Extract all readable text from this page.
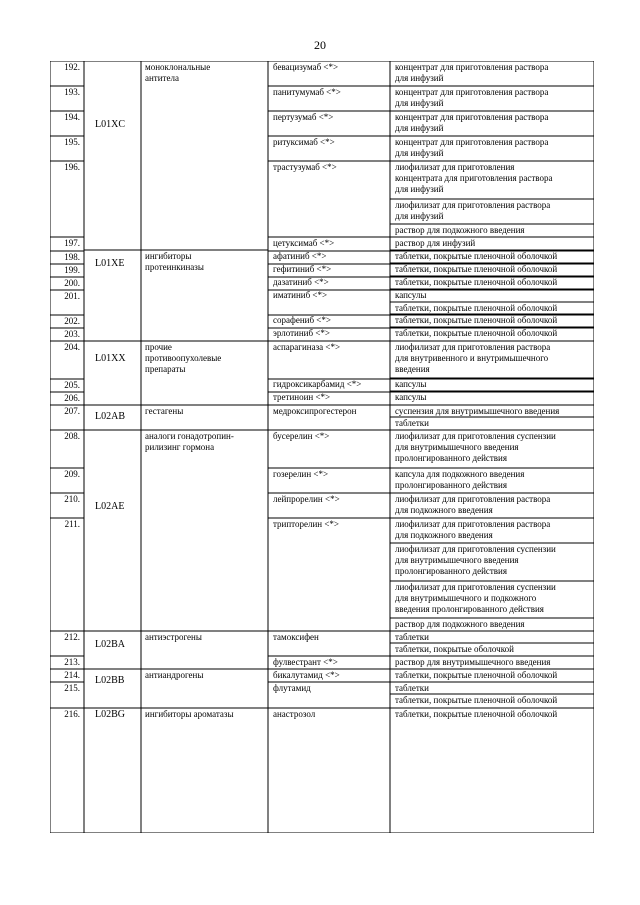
20
192.
193.
194.
195.
196.
197.
198.
199.
200.
201.
202.
203.
204.
205.
206.
207.
208.
209.
210.
211.
212.
213.
214.
215.
216.
L01XC
L01XE
L01XX
L02AB
L02AE
L02BA
L02BB
L02BG
моноклональные
антитела
ингибиторы
протеинкиназы
прочие
противоопухолевые
препараты
гестагены
аналоги гонадотропин-
рилизинг гормона
антиэстрогены
антиандрогены
ингибиторы ароматазы
бевацизумаб <*>
панитумумаб <*>
пертузумаб <*>
ритуксимаб <*>
трастузумаб <*>
цетуксимаб <*>
афатиниб <*>
гефитиниб <*>
дазатиниб <*>
иматиниб <*>
сорафениб <*>
эрлотиниб <*>
аспарагиназа <*>
гидроксикарбамид <*>
третиноин <*>
медроксипрогестерон
бусерелин <*>
гозерелин <*>
лейпрорелин <*>
трипторелин <*>
тамоксифен
фулвестрант <*>
бикалутамид <*>
флутамид
анастрозол
концентрат для приготовления раствора
для инфузий
концентрат для приготовления раствора
для инфузий
концентрат для приготовления раствора
для инфузий
концентрат для приготовления раствора
для инфузий
лиофилизат для приготовления
концентрата для приготовления раствора
для инфузий
лиофилизат для приготовления раствора
для инфузий
раствор для подкожного введения
раствор для инфузий
таблетки, покрытые пленочной оболочкой
таблетки, покрытые пленочной оболочкой
таблетки, покрытые пленочной оболочкой
капсулы
таблетки, покрытые пленочной оболочкой
таблетки, покрытые пленочной оболочкой
таблетки, покрытые пленочной оболочкой
лиофилизат для приготовления раствора
для внутривенного и внутримышечного
введения
капсулы
капсулы
суспензия для внутримышечного введения
таблетки
лиофилизат для приготовления суспензии
для внутримышечного введения
пролонгированного действия
капсула для подкожного введения
пролонгированного действия
лиофилизат для приготовления раствора
для подкожного введения
лиофилизат для приготовления раствора
для подкожного введения
лиофилизат для приготовления суспензии
для внутримышечного введения
пролонгированного действия
лиофилизат для приготовления суспензии
для внутримышечного и подкожного
введения пролонгированного действия
раствор для подкожного введения
таблетки
таблетки, покрытые оболочкой
раствор для внутримышечного введения
таблетки, покрытые пленочной оболочкой
таблетки
таблетки, покрытые пленочной оболочкой
таблетки, покрытые пленочной оболочкой
